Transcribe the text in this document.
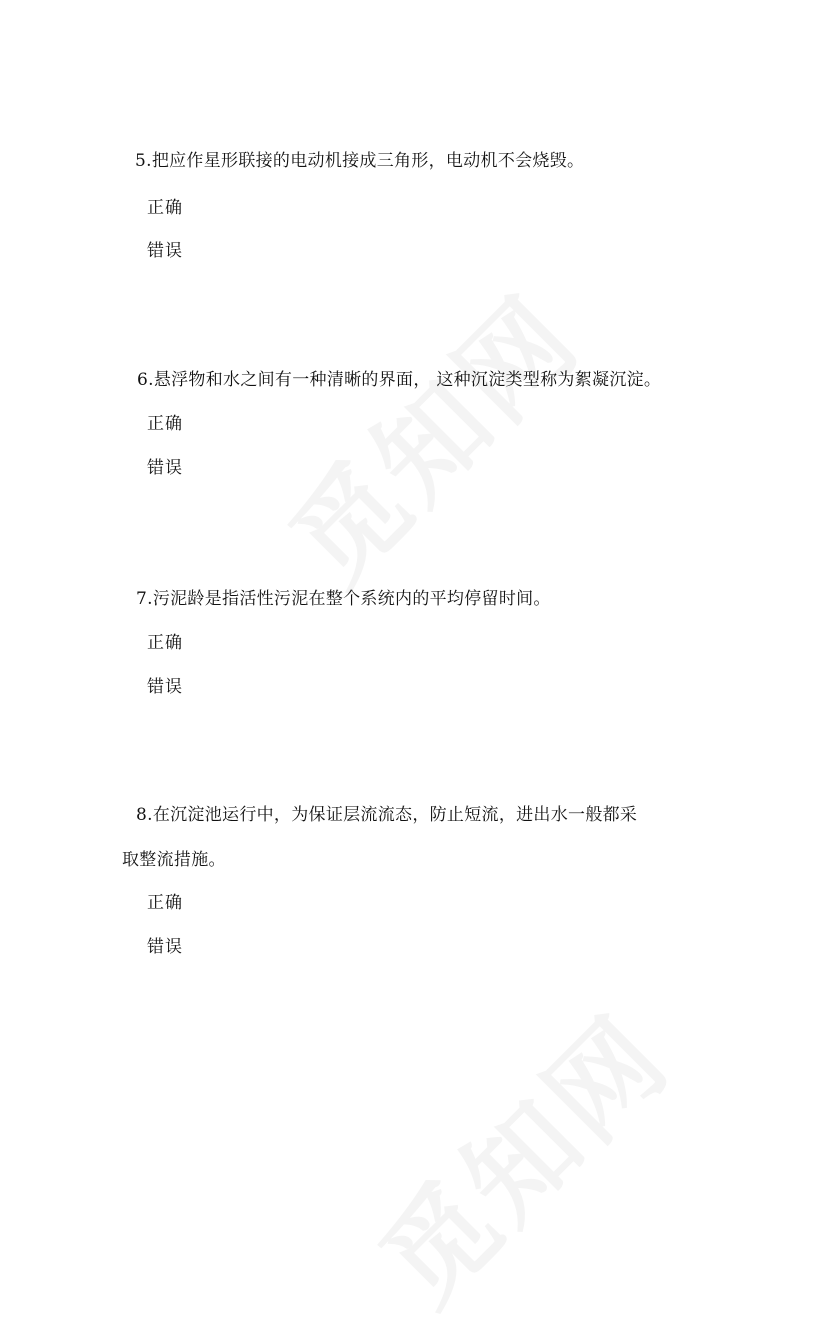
5.把应作星形联接的电动机接成三角形，电动机不会烧毁。
正确
错误
6.悬浮物和水之间有一种清晰的界面， 这种沉淀类型称为絮凝沉淀。
正确
错误
7.污泥龄是指活性污泥在整个系统内的平均停留时间。
正确
错误
8.在沉淀池运行中，为保证层流流态，防止短流，进出水一般都采
取整流措施。
正确
错误
